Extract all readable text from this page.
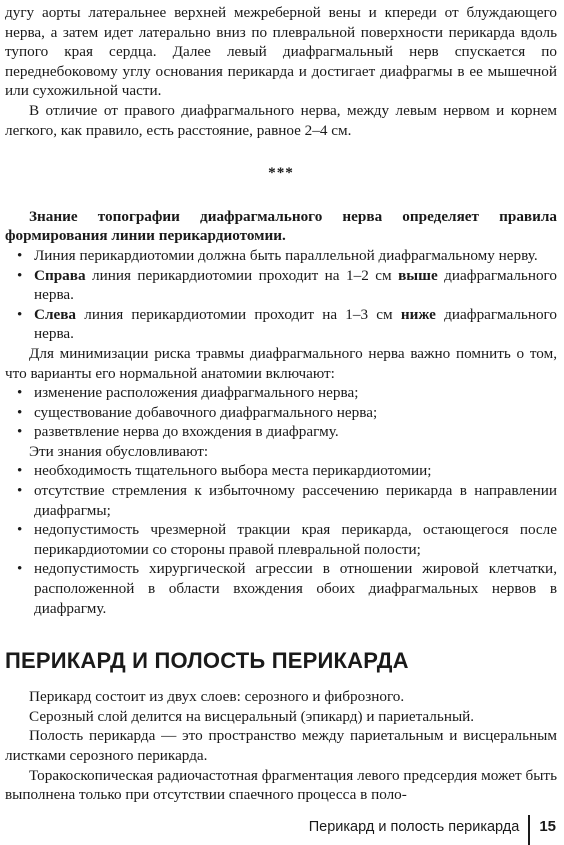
дугу аорты латеральнее верхней межреберной вены и кпереди от блуждающего нерва, а затем идет латерально вниз по плевральной поверхности перикарда вдоль тупого края сердца. Далее левый диафрагмальный нерв спускается по переднебоковому углу основания перикарда и достигает диафрагмы в ее мышечной или сухожильной части.

В отличие от правого диафрагмального нерва, между левым нервом и корнем легкого, как правило, есть расстояние, равное 2–4 см.

***

Знание топографии диафрагмального нерва определяет правила формирования линии перикардиотомии.

• Линия перикардиотомии должна быть параллельной диафрагмальному нерву.
• Справа линия перикардиотомии проходит на 1–2 см выше диафрагмального нерва.
• Слева линия перикардиотомии проходит на 1–3 см ниже диафрагмального нерва.

Для минимизации риска травмы диафрагмального нерва важно помнить о том, что варианты его нормальной анатомии включают:

• изменение расположения диафрагмального нерва;
• существование добавочного диафрагмального нерва;
• разветвление нерва до вхождения в диафрагму.

Эти знания обусловливают:

• необходимость тщательного выбора места перикардиотомии;
• отсутствие стремления к избыточному рассечению перикарда в направлении диафрагмы;
• недопустимость чрезмерной тракции края перикарда, остающегося после перикардиотомии со стороны правой плевральной полости;
• недопустимость хирургической агрессии в отношении жировой клетчатки, расположенной в области вхождения обоих диафрагмальных нервов в диафрагму.
ПЕРИКАРД И ПОЛОСТЬ ПЕРИКАРДА

Перикард состоит из двух слоев: серозного и фиброзного.

Серозный слой делится на висцеральный (эпикард) и париетальный.

Полость перикарда — это пространство между париетальным и висцеральным листками серозного перикарда.

Торакоскопическая радиочастотная фрагментация левого предсердия может быть выполнена только при отсутствии спаечного процесса в поло-

Перикард и полость перикарда	15
